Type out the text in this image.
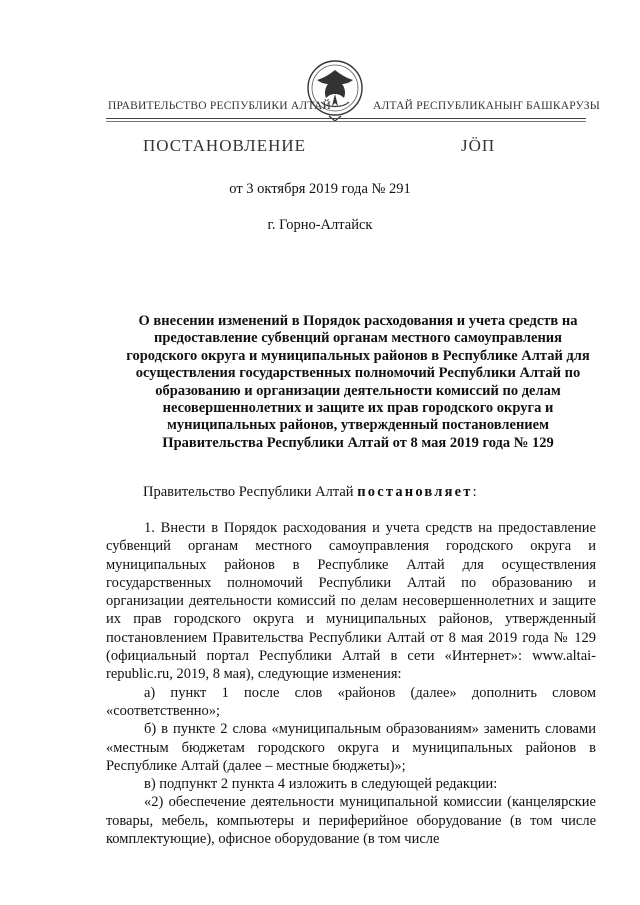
ПРАВИТЕЛЬСТВО РЕСПУБЛИКИ АЛТАЙ	АЛТАЙ РЕСПУБЛИКАНЫҤ БАШКАРУЗЫ
ПОСТАНОВЛЕНИЕ	ЈӦП
от 3 октября 2019 года № 291
г. Горно-Алтайск
О внесении изменений в Порядок расходования и учета средств на предоставление субвенций органам местного самоуправления городского округа и муниципальных районов в Республике Алтай для осуществления государственных полномочий Республики Алтай по образованию и организации деятельности комиссий по делам несовершеннолетних и защите их прав городского округа и муниципальных районов, утвержденный постановлением Правительства Республики Алтай от 8 мая 2019 года № 129
Правительство Республики Алтай постановляет:

1. Внести в Порядок расходования и учета средств на предоставление субвенций органам местного самоуправления городского округа и муниципальных районов в Республике Алтай для осуществления государственных полномочий Республики Алтай по образованию и организации деятельности комиссий по делам несовершеннолетних и защите их прав городского округа и муниципальных районов, утвержденный постановлением Правительства Республики Алтай от 8 мая 2019 года № 129 (официальный портал Республики Алтай в сети «Интернет»: www.altai-republic.ru, 2019, 8 мая), следующие изменения:

а) пункт 1 после слов «районов (далее» дополнить словом «соответственно»;

б) в пункте 2 слова «муниципальным образованиям» заменить словами «местным бюджетам городского округа и муниципальных районов в Республике Алтай (далее – местные бюджеты)»;

в) подпункт 2 пункта 4 изложить в следующей редакции:

«2) обеспечение деятельности муниципальной комиссии (канцелярские товары, мебель, компьютеры и периферийное оборудование (в том числе комплектующие), офисное оборудование (в том числе
